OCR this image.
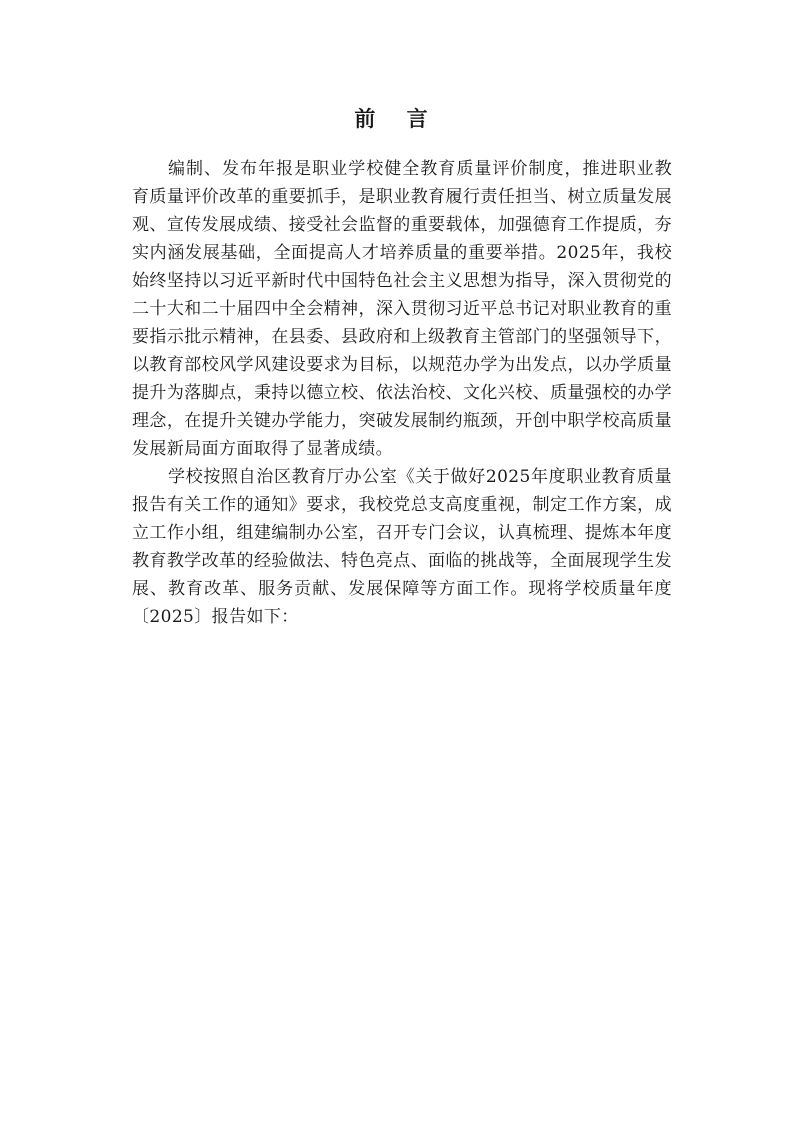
前 言

编制、发布年报是职业学校健全教育质量评价制度，推进职业教育质量评价改革的重要抓手，是职业教育履行责任担当、树立质量发展观、宣传发展成绩、接受社会监督的重要载体，加强德育工作提质，夯实内涵发展基础，全面提高人才培养质量的重要举措。2025年，我校始终坚持以习近平新时代中国特色社会主义思想为指导，深入贯彻党的二十大和二十届四中全会精神，深入贯彻习近平总书记对职业教育的重要指示批示精神，在县委、县政府和上级教育主管部门的坚强领导下，以教育部校风学风建设要求为目标，以规范办学为出发点，以办学质量提升为落脚点，秉持以德立校、依法治校、文化兴校、质量强校的办学理念，在提升关键办学能力，突破发展制约瓶颈，开创中职学校高质量发展新局面方面取得了显著成绩。

学校按照自治区教育厅办公室《关于做好2025年度职业教育质量报告有关工作的通知》要求，我校党总支高度重视，制定工作方案，成立工作小组，组建编制办公室，召开专门会议，认真梳理、提炼本年度教育教学改革的经验做法、特色亮点、面临的挑战等，全面展现学生发展、教育改革、服务贡献、发展保障等方面工作。现将学校质量年度〔2025〕报告如下：
